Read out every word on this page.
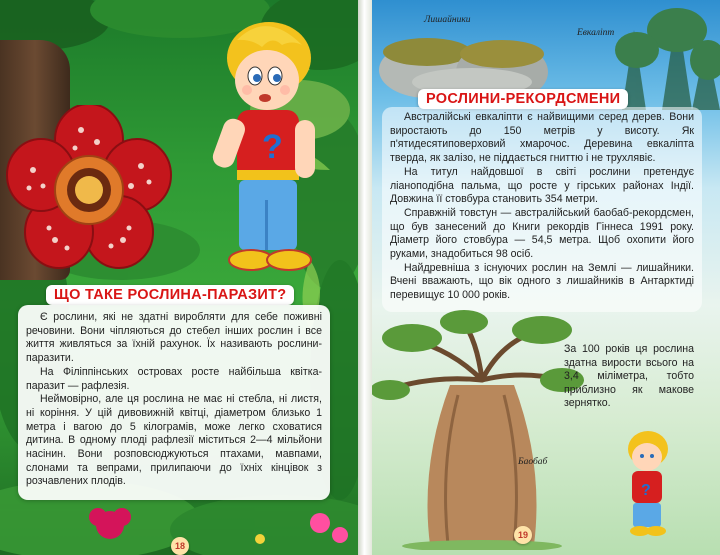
?
ЩО ТАКЕ РОСЛИНА-ПАРАЗИТ?

Є рослини, які не здатні виробляти для себе поживні речовини. Вони чіпляються до стебел інших рослин і все життя живляться за їхній рахунок. Їх називають рослини-паразити.

На Філіппінських островах росте найбільша квітка-паразит — рафлезія.

Неймовірно, але ця рослина не має ні стебла, ні листя, ні коріння. У цій дивовижній квітці, діаметром близько 1 метра і вагою до 5 кілограмів, може легко сховатися дитина. В одному плоді рафлезії міститься 2—4 мільйони насінин. Вони розповсюджуються птахами, мавпами, слонами та вепрами, прилипаючи до їхніх кінцівок з розчавлених плодів.

18
Лишайники
Евкаліпт
РОСЛИНИ-РЕКОРДСМЕНИ

Австралійські евкаліпти є найвищими серед дерев. Вони виростають до 150 метрів у висоту. Як п'ятидесятиповерховий хмарочос. Деревина евкаліпта тверда, як залізо, не піддається гниттю і не трухлявіє.

На титул найдовшої в світі рослини претендує ліаноподібна пальма, що росте у гірських районах Індії. Довжина її стовбура становить 354 метри.

Справжній товстун — австралійський баобаб-рекордсмен, що був занесений до Книги рекордів Гіннеса 1991 року. Діаметр його стовбура — 54,5 метра. Щоб охопити його руками, знадобиться 98 осіб.

Найдревніша з існуючих рослин на Землі — лишайники. Вчені вважають, що вік одного з лишайників в Антарктиді перевищує 10 000 років.

Баобаб

За 100 років ця рослина здатна вирости всього на 3,4 міліметра, тобто приблизно як макове зернятко.

?
19
